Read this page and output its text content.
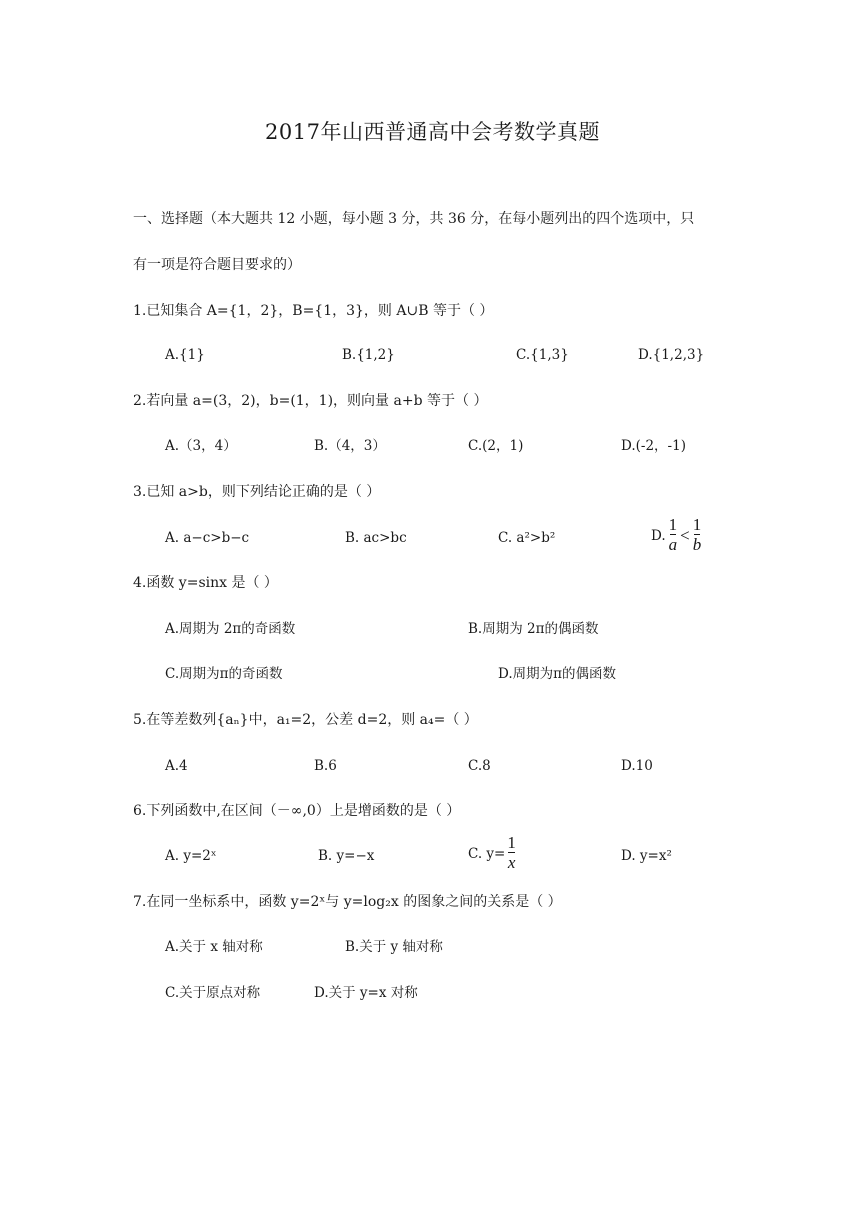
2017年山西普通高中会考数学真题
一、选择题（本大题共 12 小题，每小题 3 分，共 36 分，在每小题列出的四个选项中，只
有一项是符合题目要求的）
1.已知集合 A={1，2}，B={1，3}，则 A∪B 等于（ ）
A.{1}	B.{1,2}	C.{1,3}	D.{1,2,3}
2.若向量 a=(3，2)，b=(1，1)，则向量 a+b 等于（ ）
A.（3，4）	B.（4，3）	C.(2，1)	D.(-2，-1)
3.已知 a>b，则下列结论正确的是（ ）
A. a−c>b−c	B. ac>bc	C. a²>b²	D. $\frac{1}{a} < \frac{1}{b}$
4.函数 y=sinx 是（ ）
A.周期为 2π的奇函数	B.周期为 2π的偶函数
C.周期为π的奇函数	D.周期为π的偶函数
5.在等差数列{aₙ}中，a₁=2，公差 d=2，则 a₄=（ ）
A.4	B.6	C.8	D.10
6.下列函数中,在区间（－∞,0）上是增函数的是（ ）
A. y=2ˣ	B. y=−x	C. $y= \frac{1}{x}$	D. y=x²
7.在同一坐标系中，函数 y=2ˣ与 y=log₂x 的图象之间的关系是（ ）
A.关于 x 轴对称	B.关于 y 轴对称
C.关于原点对称	D.关于 y=x 对称
